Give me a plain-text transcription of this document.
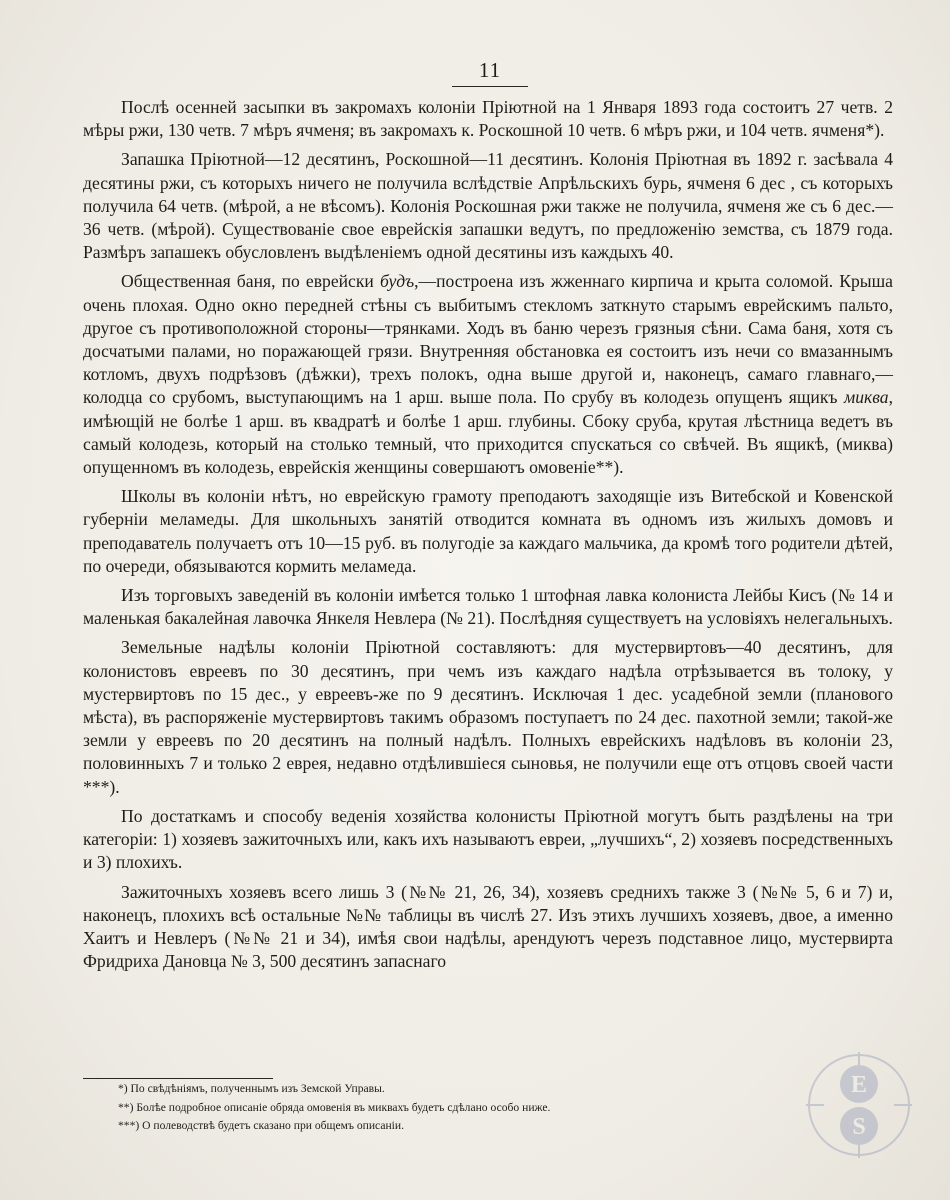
11

Послѣ осенней засыпки въ закромахъ колоніи Пріютной на 1 Января 1893 года состоитъ 27 четв. 2 мѣры ржи, 130 четв. 7 мѣръ ячменя; въ закромахъ к. Роскошной 10 четв. 6 мѣръ ржи, и 104 четв. ячменя*).

Запашка Пріютной—12 десятинъ, Роскошной—11 десятинъ. Колонія Пріютная въ 1892 г. засѣвала 4 десятины ржи, съ которыхъ ничего не получила вслѣдствіе Апрѣльскихъ бурь, ячменя 6 дес , съ которыхъ получила 64 четв. (мѣрой, а не вѣсомъ). Колонія Роскошная ржи также не получила, ячменя же съ 6 дес.—36 четв. (мѣрой). Существованіе свое еврейскія запашки ведутъ, по предложенію земства, съ 1879 года. Размѣръ запашекъ обусловленъ выдѣленіемъ одной десятины изъ каждыхъ 40.

Общественная баня, по еврейски будъ,—построена изъ жженнаго кирпича и крыта соломой. Крыша очень плохая. Одно окно передней стѣны съ выбитымъ стекломъ заткнуто старымъ еврейскимъ пальто, другое съ противоположной стороны—трянками. Ходъ въ баню черезъ грязныя сѣни. Сама баня, хотя съ досчатыми палами, но поражающей грязи. Внутренняя обстановка ея состоитъ изъ нечи со вмазаннымъ котломъ, двухъ подрѣзовъ (дѣжки), трехъ полокъ, одна выше другой и, наконецъ, самаго главнаго,—колодца со срубомъ, выступающимъ на 1 арш. выше пола. По срубу въ колодезь опущенъ ящикъ миква, имѣющій не болѣе 1 арш. въ квадратѣ и болѣе 1 арш. глубины. Сбоку сруба, крутая лѣстница ведетъ въ самый колодезь, который на столько темный, что приходится спускаться со свѣчей. Въ ящикѣ, (миква) опущенномъ въ колодезь, еврейскія женщины совершаютъ омовеніе**).

Школы въ колоніи нѣтъ, но еврейскую грамоту преподаютъ заходящіе изъ Витебской и Ковенской губерніи меламеды. Для школьныхъ занятій отводится комната въ одномъ изъ жилыхъ домовъ и преподаватель получаетъ отъ 10—15 руб. въ полугодіе за каждаго мальчика, да кромѣ того родители дѣтей, по очереди, обязываются кормить меламеда.

Изъ торговыхъ заведеній въ колоніи имѣется только 1 штофная лавка колониста Лейбы Кисъ (№ 14 и маленькая бакалейная лавочка Янкеля Невлера (№ 21). Послѣдняя существуетъ на условіяхъ нелегальныхъ.

Земельные надѣлы колоніи Пріютной составляютъ: для мустервиртовъ—40 десятинъ, для колонистовъ евреевъ по 30 десятинъ, при чемъ изъ каждаго надѣла отрѣзывается въ толоку, у мустервиртовъ по 15 дес., у евреевъ-же по 9 десятинъ. Исключая 1 дес. усадебной земли (планового мѣста), въ распоряженіе мустервиртовъ такимъ образомъ поступаетъ по 24 дес. пахотной земли; такой-же земли у евреевъ по 20 десятинъ на полный надѣлъ. Полныхъ еврейскихъ надѣловъ въ колоніи 23, половинныхъ 7 и только 2 еврея, недавно отдѣлившіеся сыновья, не получили еще отъ отцовъ своей части ***).

По достаткамъ и способу веденія хозяйства колонисты Пріютной могутъ быть раздѣлены на три категоріи: 1) хозяевъ зажиточныхъ или, какъ ихъ называютъ евреи, „лучшихъ“, 2) хозяевъ посредственныхъ и 3) плохихъ.

Зажиточныхъ хозяевъ всего лишь 3 (№№ 21, 26, 34), хозяевъ среднихъ также 3 (№№ 5, 6 и 7) и, наконецъ, плохихъ всѣ остальные №№ таблицы въ числѣ 27. Изъ этихъ лучшихъ хозяевъ, двое, а именно Хаитъ и Невлеръ (№№ 21 и 34), имѣя свои надѣлы, арендуютъ черезъ подставное лицо, мустервирта Фридриха Дановца № 3, 500 десятинъ запаснаго

*) По свѣдѣніямъ, полученнымъ изъ Земской Управы.

**) Болѣе подробное описаніе обряда омовенія въ миквахъ будетъ сдѣлано особо ниже.

***) О полеводствѣ будетъ сказано при общемъ описаніи.

E
S
